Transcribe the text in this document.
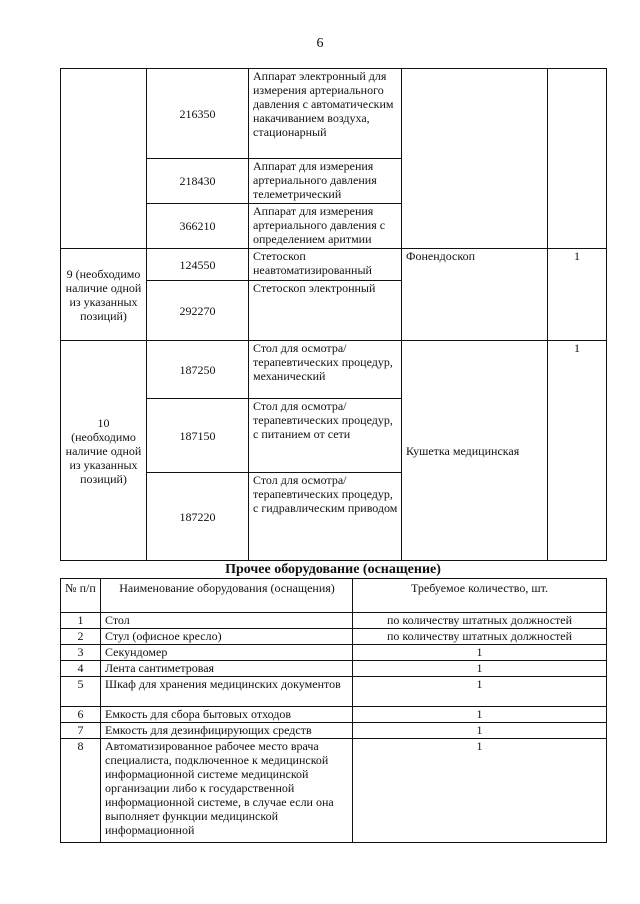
6
	216350	Аппарат электронный для измерения артериального давления с автоматическим накачиванием воздуха, стационарный		
	218430	Аппарат для измерения артериального давления телеметрический		
	366210	Аппарат для измерения артериального давления с определением аритмии		
9 (необходимо наличие одной из указанных позиций)	124550	Стетоскоп неавтоматизированный	Фонендоскоп	1
	292270	Стетоскоп электронный		
10 (необходимо наличие одной из указанных позиций)	187250	Стол для осмотра/ терапевтических процедур, механический	Кушетка медицинская	1
	187150	Стол для осмотра/ терапевтических процедур, с питанием от сети		
	187220	Стол для осмотра/ терапевтических процедур, с гидравлическим приводом		
Прочее оборудование (оснащение)
№ п/п	Наименование оборудования (оснащения)	Требуемое количество, шт.
1	Стол	по количеству штатных должностей
2	Стул (офисное кресло)	по количеству штатных должностей
3	Секундомер	1
4	Лента сантиметровая	1
5	Шкаф для хранения медицинских документов	1
6	Емкость для сбора бытовых отходов	1
7	Емкость для дезинфицирующих средств	1
8	Автоматизированное рабочее место врача специалиста, подключенное к медицинской информационной системе медицинской организации либо к государственной информационной системе, в случае если она выполняет функции медицинской информационной	1
